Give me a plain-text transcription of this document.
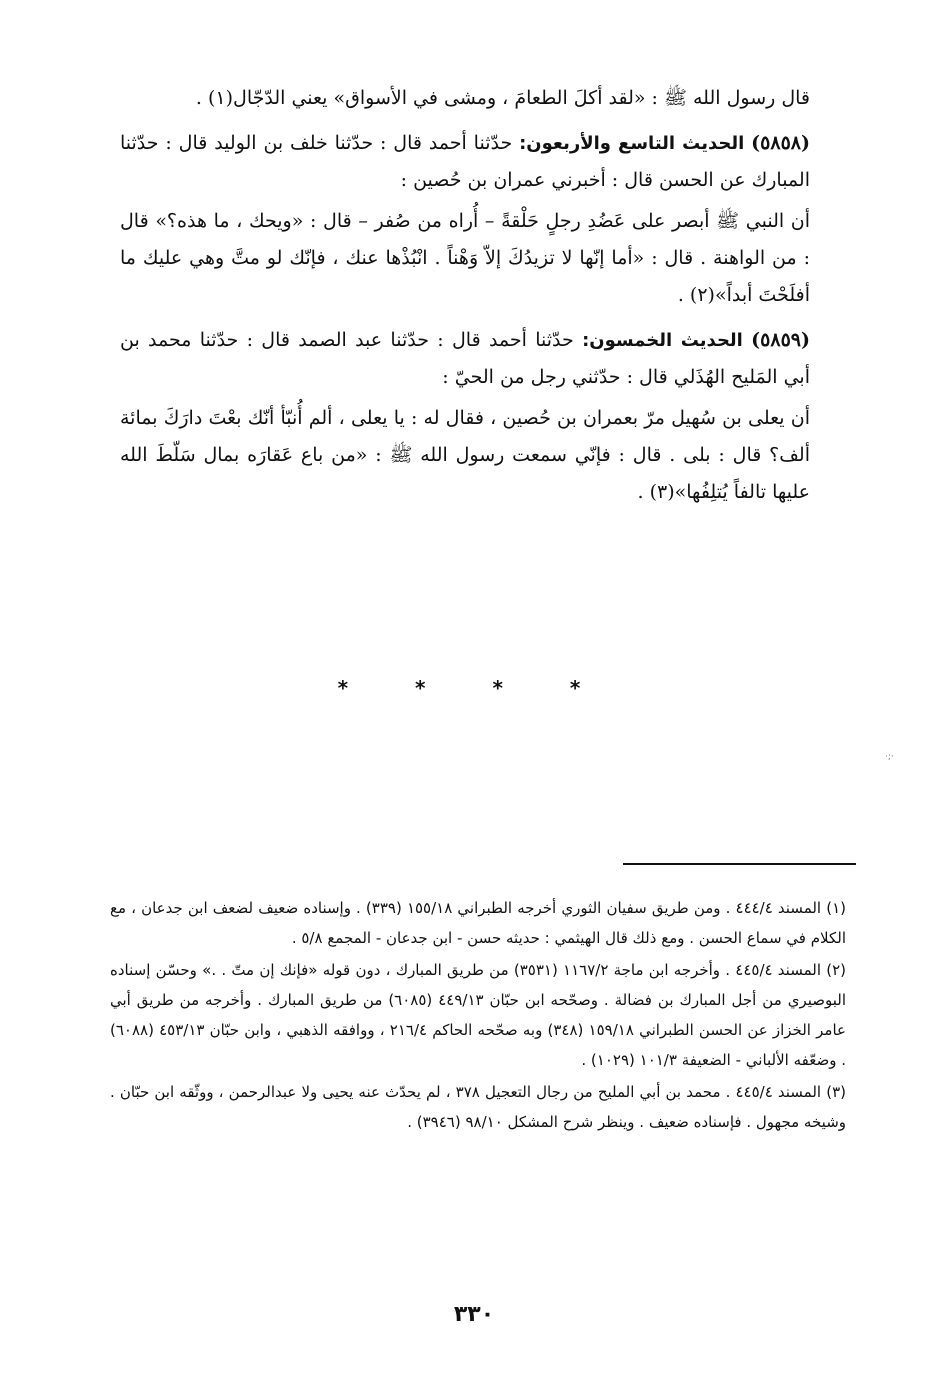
قال رسول الله ﷺ : «لقد أكلَ الطعامَ ، ومشى في الأسواق» يعني الدّجّال(١) .

(٥٨٥٨) الحديث التاسع والأربعون: حدّثنا أحمد قال : حدّثنا خلف بن الوليد قال : حدّثنا المبارك عن الحسن قال : أخبرني عمران بن حُصين :

أن النبي ﷺ أبصر على عَضُدِ رجلٍ حَلْقةً – أُراه من صُفر – قال : «ويحك ، ما هذه؟» قال : من الواهنة . قال : «أما إنّها لا تزيدُكَ إلاّ وَهْناً . انْبُذْها عنك ، فإنّك لو متَّ وهي عليك ما أفلَحْتَ أبداً»(٢) .

(٥٨٥٩) الحديث الخمسون: حدّثنا أحمد قال : حدّثنا عبد الصمد قال : حدّثنا محمد بن أبي المَليح الهُذَلي قال : حدّثني رجل من الحيّ :

أن يعلى بن سُهيل مرّ بعمران بن حُصين ، فقال له : يا يعلى ، ألم أُنبّأ أنّك بعْتَ دارَكَ بمائة ألف؟ قال : بلى . قال : فإنّي سمعت رسول الله ﷺ : «من باع عَقارَه بمال سَلّطَ الله عليها تالفاً يُتلِفُها»(٣) .

* * * *
·;·

(١) المسند ٤٤٤/٤ . ومن طريق سفيان الثوري أخرجه الطبراني ١٥٥/١٨ (٣٣٩) . وإسناده ضعيف لضعف ابن جدعان ، مع الكلام في سماع الحسن . ومع ذلك قال الهيثمي : حديثه حسن - ابن جدعان - المجمع ٥/٨ .

(٢) المسند ٤٤٥/٤ . وأخرجه ابن ماجة ١١٦٧/٢ (٣٥٣١) من طريق المبارك ، دون قوله «فإنك إن متّ . .» وحسّن إسناده البوصيري من أجل المبارك بن فضالة . وصحّحه ابن حبّان ٤٤٩/١٣ (٦٠٨٥) من طريق المبارك . وأخرجه من طريق أبي عامر الخزاز عن الحسن الطبراني ١٥٩/١٨ (٣٤٨) وبه صحّحه الحاكم ٢١٦/٤ ، ووافقه الذهبي ، وابن حبّان ٤٥٣/١٣ (٦٠٨٨) . وضعّفه الألباني - الضعيفة ١٠١/٣ (١٠٢٩) .

(٣) المسند ٤٤٥/٤ . محمد بن أبي المليح من رجال التعجيل ٣٧٨ ، لم يحدّث عنه يحيى ولا عبدالرحمن ، ووثّقه ابن حبّان . وشيخه مجهول . فإسناده ضعيف . وينظر شرح المشكل ٩٨/١٠ (٣٩٤٦) .

٣٣٠
